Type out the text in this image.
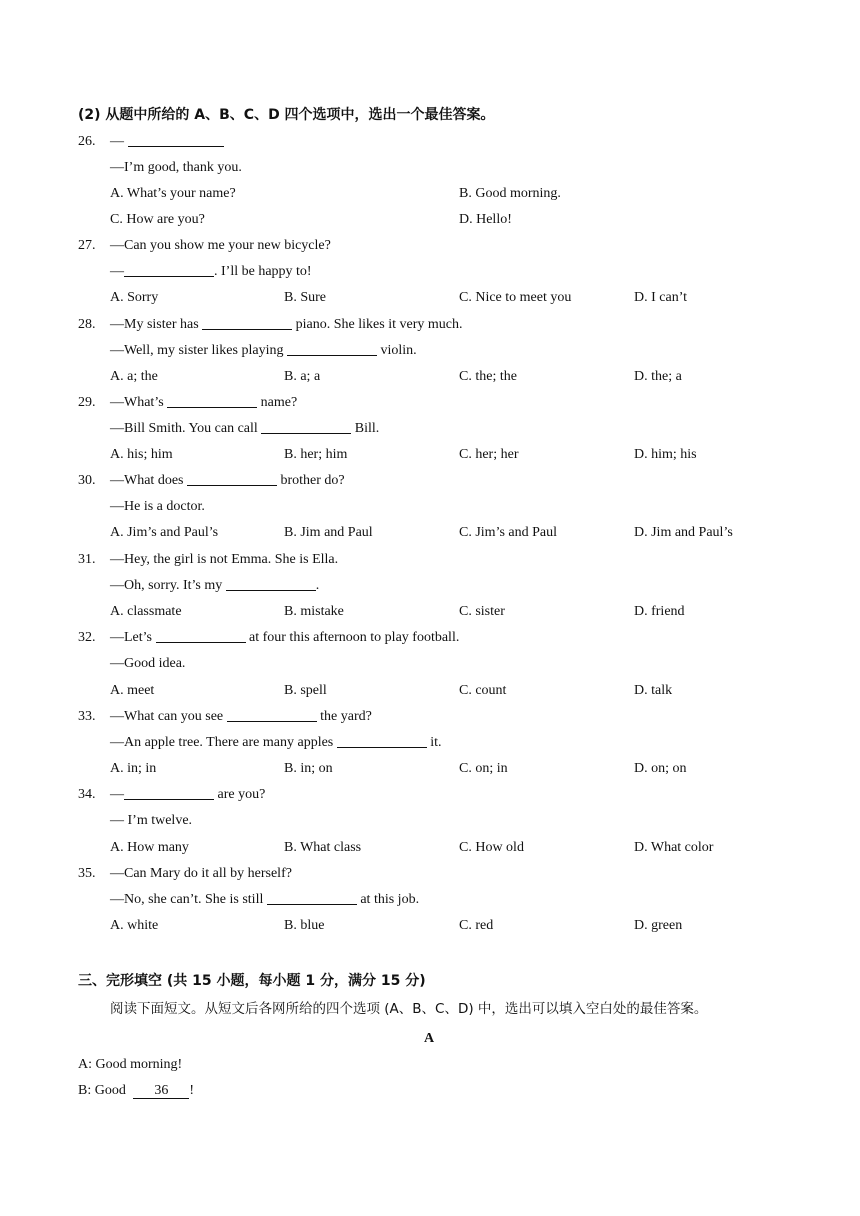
(2) 从题中所给的 A、B、C、D 四个选项中，选出一个最佳答案。

26.

—

—I’m good, thank you.

A. What’s your name?

	B. Good morning.

C. How are you?

	D. Hello!

27.

—Can you show me your new bicycle?

—	. I’ll be happy to!

A. Sorry

	B. Sure

	C. Nice to meet you

	D. I can’t

28.

—My sister has	piano. She likes it very much.

—Well, my sister likes playing	violin.

A. a; the

	B. a; a

	C. the; the

	D. the; a

29.

—What’s	name?

—Bill Smith. You can call	Bill.

A. his; him

	B. her; him

	C. her; her

	D. him; his

30.

—What does	brother do?

—He is a doctor.

A. Jim’s and Paul’s

	B. Jim and Paul

	C. Jim’s and Paul

	D. Jim and Paul’s

31.

—Hey, the girl is not Emma. She is Ella.

—Oh, sorry. It’s my	.

A. classmate

	B. mistake

	C. sister

	D. friend

32.

—Let’s	at four this afternoon to play football.

—Good idea.

A. meet

	B. spell

	C. count

	D. talk

33.

—What can you see	the yard?

—An apple tree. There are many apples	it.

A. in; in

	B. in; on

	C. on; in

	D. on; on

34.

—	are you?

— I’m twelve.

A. How many

	B. What class

	C. How old

	D. What color

35.

—Can Mary do it all by herself?

—No, she can’t. She is still	at this job.

A. white

	B. blue

	C. red

	D. green

三、完形填空 (共 15 小题，每小题 1 分，满分 15 分)

阅读下面短文。从短文后各网所给的四个选项 (A、B、C、D) 中，选出可以填入空白处的最佳答案。

A

A: Good morning!

B: Good 36 !
